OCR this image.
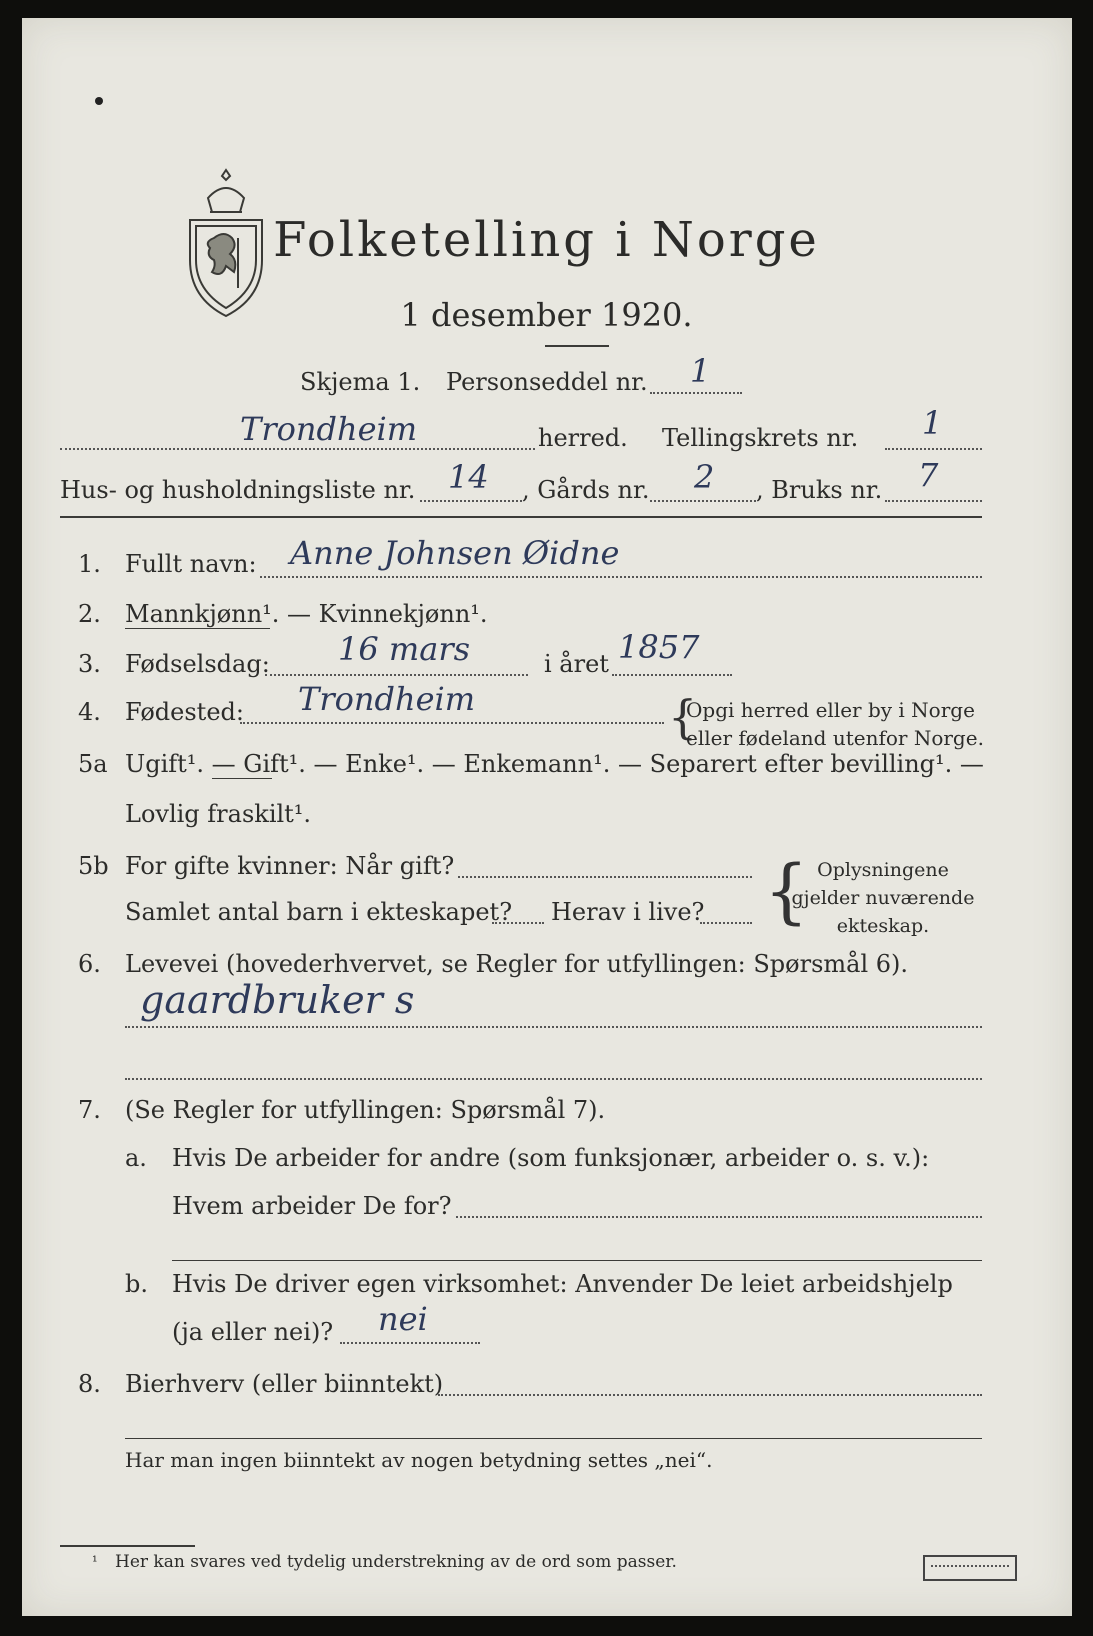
Folketelling i Norge
1 desember 1920.
Skjema 1. Personseddel nr. 1
Trondheim	herred. Tellingskrets nr. 1
Hus- og husholdningsliste nr. 14 , Gårds nr. 2 , Bruks nr. 7
1. Fullt navn: Anne Johnsen Øidne
2. Mannkjønn¹. — Kvinnekjønn¹.
3. Fødselsdag: 16 mars	i året 1857
4. Fødested: Trondheim	{
Opgi herred eller by i Norge
eller fødeland utenfor Norge.
5a Ugift¹. — Gift¹. — Enke¹. — Enkemann¹. — Separert efter bevilling¹. —
Lovlig fraskilt¹.
5b For gifte kvinner: Når gift?
Samlet antal barn i ekteskapet? Herav i live? { Oplysningene
gjelder nuværende
ekteskap.
6. Levevei (hovederhvervet, se Regler for utfyllingen: Spørsmål 6).
gaardbruker s
7. (Se Regler for utfyllingen: Spørsmål 7).
a. Hvis De arbeider for andre (som funksjonær, arbeider o. s. v.):
Hvem arbeider De for?
b. Hvis De driver egen virksomhet: Anvender De leiet arbeidshjelp
(ja eller nei)? nei
8. Bierhverv (eller biinntekt)
Har man ingen biinntekt av nogen betydning settes „nei“.
¹ Her kan svares ved tydelig understrekning av de ord som passer.
